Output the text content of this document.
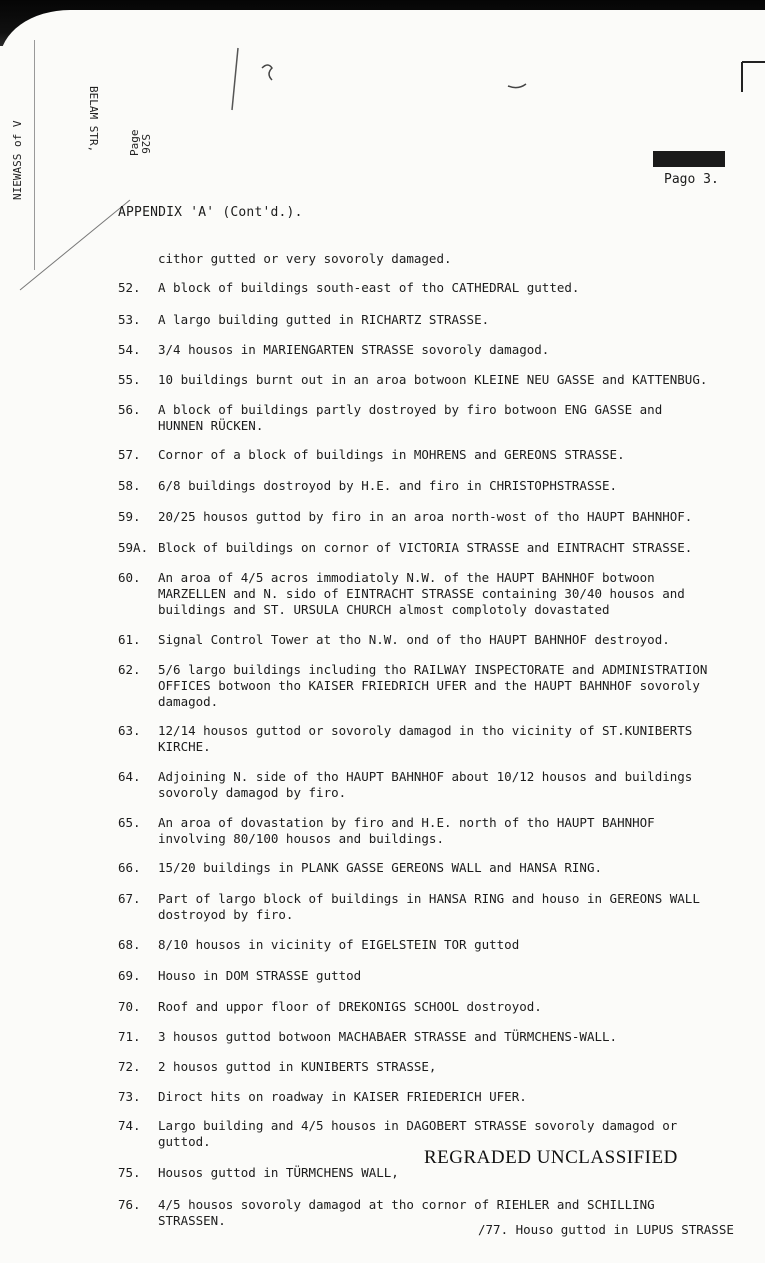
NIEWASS of V
BELAM STR,	Page
S26
Pago 3.
APPENDIX 'A' (Cont'd.).
cithor gutted or very sovoroly damaged.
52.	A block of buildings south-east of tho CATHEDRAL gutted.
53.	A largo building gutted in RICHARTZ STRASSE.
54.	3/4 housos in MARIENGARTEN STRASSE sovoroly damagod.
55.	10 buildings burnt out in an aroa botwoon KLEINE NEU GASSE and KATTENBUG.
56.	A block of buildings partly dostroyed by firo botwoon ENG GASSE and
HUNNEN RÜCKEN.
57.	Cornor of a block of buildings in MOHRENS and GEREONS STRASSE.
58.	6/8 buildings dostroyod by H.E. and firo in CHRISTOPHSTRASSE.
59.	20/25 housos guttod by firo in an aroa north-wost of tho HAUPT BAHNHOF.
59A. Block of buildings on cornor of VICTORIA STRASSE and EINTRACHT STRASSE.
60.	An aroa of 4/5 acros immodiatoly N.W. of the HAUPT BAHNHOF botwoon
MARZELLEN and N. sido of EINTRACHT STRASSE containing 30/40 housos and
buildings and ST. URSULA CHURCH almost complotoly dovastated
61.	Signal Control Tower at tho N.W. ond of tho HAUPT BAHNHOF destroyod.
62.	5/6 largo buildings including tho RAILWAY INSPECTORATE and ADMINISTRATION
OFFICES botwoon tho KAISER FRIEDRICH UFER and the HAUPT BAHNHOF sovoroly
damagod.
63.	12/14 housos guttod or sovoroly damagod in tho vicinity of ST.KUNIBERTS
KIRCHE.
64.	Adjoining N. side of tho HAUPT BAHNHOF about 10/12 housos and buildings
sovoroly damagod by firo.
65.	An aroa of dovastation by firo and H.E. north of tho HAUPT BAHNHOF
involving 80/100 housos and buildings.
66.	15/20 buildings in PLANK GASSE GEREONS WALL and HANSA RING.
67.	Part of largo block of buildings in HANSA RING and houso in GEREONS WALL
dostroyod by firo.
68.	8/10 housos in vicinity of EIGELSTEIN TOR guttod
69.	Houso in DOM STRASSE guttod
70.	Roof and uppor floor of DREKONIGS SCHOOL dostroyod.
71.	3 housos guttod botwoon MACHABAER STRASSE and TÜRMCHENS-WALL.
72.	2 housos guttod in KUNIBERTS STRASSE,
73.	Diroct hits on roadway in KAISER FRIEDERICH UFER.
74.	Largo building and 4/5 housos in DAGOBERT STRASSE sovoroly damagod or
guttod.
75.	Housos guttod in TÜRMCHENS WALL,
76.	4/5 housos sovoroly damagod at tho cornor of RIEHLER and SCHILLING
STRASSEN.
REGRADED UNCLASSIFIED
/77. Houso guttod in LUPUS STRASSE
